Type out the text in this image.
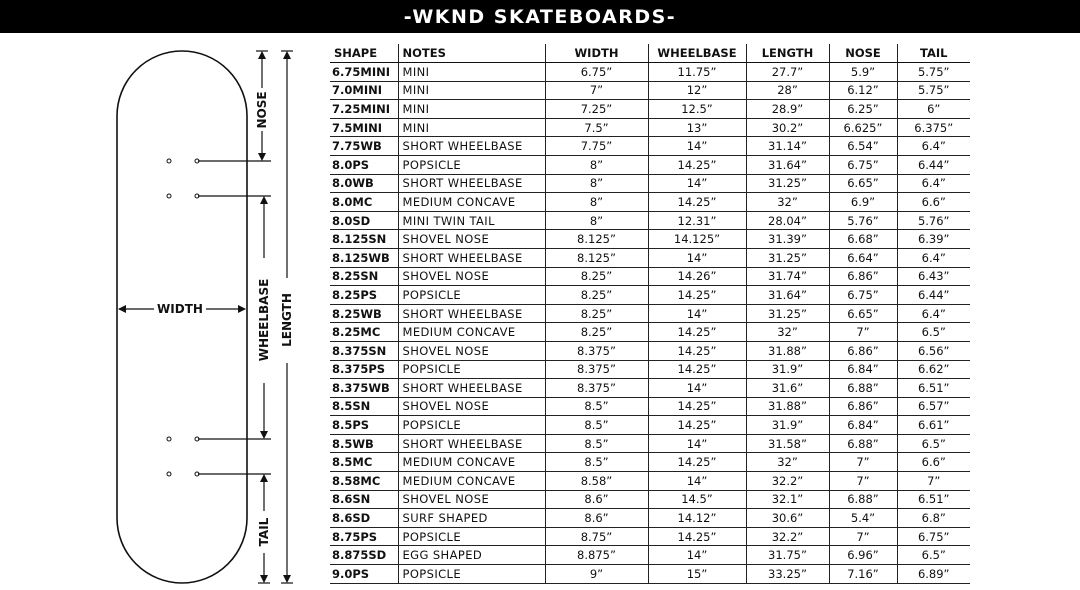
-WKND SKATEBOARDS-
NOSE
WHEELBASE LENGTH
TAIL
WIDTH
SHAPE	NOTES	WIDTH	WHEELBASE	LENGTH	NOSE	TAIL
6.75MINI	MINI	6.75”	11.75”	27.7”	5.9”	5.75”
7.0MINI	MINI	7”	12”	28”	6.12”	5.75”
7.25MINI	MINI	7.25”	12.5”	28.9”	6.25”	6”
7.5MINI	MINI	7.5”	13”	30.2”	6.625”	6.375”
7.75WB	SHORT WHEELBASE	7.75”	14”	31.14”	6.54”	6.4”
8.0PS	POPSICLE	8”	14.25”	31.64”	6.75”	6.44”
8.0WB	SHORT WHEELBASE	8”	14”	31.25”	6.65”	6.4”
8.0MC	MEDIUM CONCAVE	8”	14.25”	32”	6.9”	6.6”
8.0SD	MINI TWIN TAIL	8”	12.31”	28.04”	5.76”	5.76”
8.125SN	SHOVEL NOSE	8.125”	14.125”	31.39”	6.68”	6.39”
8.125WB	SHORT WHEELBASE	8.125”	14”	31.25”	6.64”	6.4”
8.25SN	SHOVEL NOSE	8.25”	14.26”	31.74”	6.86”	6.43”
8.25PS	POPSICLE	8.25”	14.25”	31.64”	6.75”	6.44”
8.25WB	SHORT WHEELBASE	8.25”	14”	31.25”	6.65”	6.4”
8.25MC	MEDIUM CONCAVE	8.25”	14.25”	32”	7”	6.5”
8.375SN	SHOVEL NOSE	8.375”	14.25”	31.88”	6.86”	6.56”
8.375PS	POPSICLE	8.375”	14.25”	31.9”	6.84”	6.62”
8.375WB	SHORT WHEELBASE	8.375”	14”	31.6”	6.88”	6.51”
8.5SN	SHOVEL NOSE	8.5”	14.25”	31.88”	6.86”	6.57”
8.5PS	POPSICLE	8.5”	14.25”	31.9”	6.84”	6.61”
8.5WB	SHORT WHEELBASE	8.5”	14”	31.58”	6.88”	6.5”
8.5MC	MEDIUM CONCAVE	8.5”	14.25”	32”	7”	6.6”
8.58MC	MEDIUM CONCAVE	8.58”	14”	32.2”	7”	7”
8.6SN	SHOVEL NOSE	8.6”	14.5”	32.1”	6.88”	6.51”
8.6SD	SURF SHAPED	8.6”	14.12”	30.6”	5.4”	6.8”
8.75PS	POPSICLE	8.75”	14.25”	32.2”	7”	6.75”
8.875SD	EGG SHAPED	8.875”	14”	31.75”	6.96”	6.5”
9.0PS	POPSICLE	9”	15”	33.25”	7.16”	6.89”
